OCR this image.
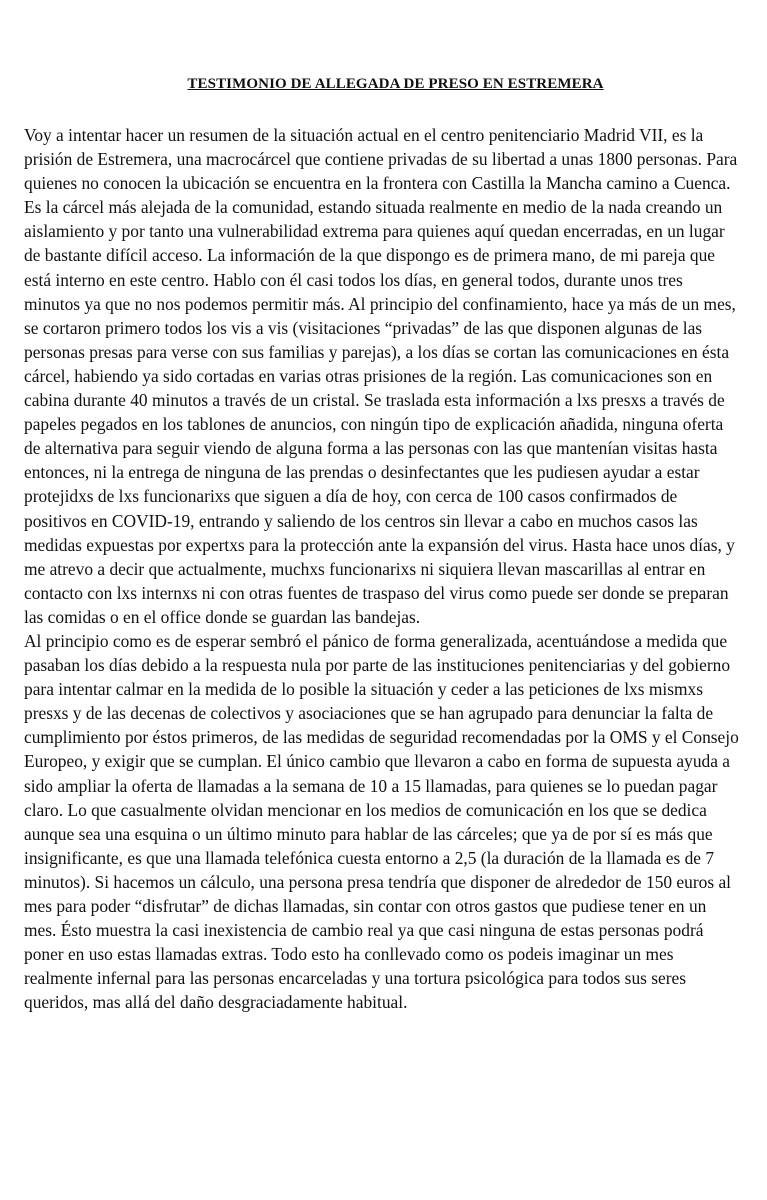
TESTIMONIO DE ALLEGADA DE PRESO EN ESTREMERA

Voy a intentar hacer un resumen de la situación actual en el centro penitenciario Madrid VII, es la prisión de Estremera, una macrocárcel que contiene privadas de su libertad a unas 1800 personas. Para quienes no conocen la ubicación se encuentra en la frontera con Castilla la Mancha camino a Cuenca. Es la cárcel más alejada de la comunidad, estando situada realmente en medio de la nada creando un aislamiento y por tanto una vulnerabilidad extrema para quienes aquí quedan encerradas, en un lugar de bastante difícil acceso. La información de la que dispongo es de primera mano, de mi pareja que está interno en este centro. Hablo con él casi todos los días, en general todos, durante unos tres minutos ya que no nos podemos permitir más. Al principio del confinamiento, hace ya más de un mes, se cortaron primero todos los vis a vis (visitaciones “privadas” de las que disponen algunas de las personas presas para verse con sus familias y parejas), a los días se cortan las comunicaciones en ésta cárcel, habiendo ya sido cortadas en varias otras prisiones de la región. Las comunicaciones son en cabina durante 40 minutos a través de un cristal. Se traslada esta información a lxs presxs a través de papeles pegados en los tablones de anuncios, con ningún tipo de explicación añadida, ninguna oferta de alternativa para seguir viendo de alguna forma a las personas con las que mantenían visitas hasta entonces, ni la entrega de ninguna de las prendas o desinfectantes que les pudiesen ayudar a estar protejidxs de lxs funcionarixs que siguen a día de hoy, con cerca de 100 casos confirmados de positivos en COVID-19, entrando y saliendo de los centros sin llevar a cabo en muchos casos las medidas expuestas por expertxs para la protección ante la expansión del virus. Hasta hace unos días, y me atrevo a decir que actualmente, muchxs funcionarixs ni siquiera llevan mascarillas al entrar en contacto con lxs internxs ni con otras fuentes de traspaso del virus como puede ser donde se preparan las comidas o en el office donde se guardan las bandejas.

Al principio como es de esperar sembró el pánico de forma generalizada, acentuándose a medida que pasaban los días debido a la respuesta nula por parte de las instituciones penitenciarias y del gobierno para intentar calmar en la medida de lo posible la situación y ceder a las peticiones de lxs mismxs presxs y de las decenas de colectivos y asociaciones que se han agrupado para denunciar la falta de cumplimiento por éstos primeros, de las medidas de seguridad recomendadas por la OMS y el Consejo Europeo, y exigir que se cumplan. El único cambio que llevaron a cabo en forma de supuesta ayuda a sido ampliar la oferta de llamadas a la semana de 10 a 15 llamadas, para quienes se lo puedan pagar claro. Lo que casualmente olvidan mencionar en los medios de comunicación en los que se dedica aunque sea una esquina o un último minuto para hablar de las cárceles; que ya de por sí es más que insignificante, es que una llamada telefónica cuesta entorno a 2,5 (la duración de la llamada es de 7 minutos). Si hacemos un cálculo, una persona presa tendría que disponer de alrededor de 150 euros al mes para poder “disfrutar” de dichas llamadas, sin contar con otros gastos que pudiese tener en un mes. Ésto muestra la casi inexistencia de cambio real ya que casi ninguna de estas personas podrá poner en uso estas llamadas extras. Todo esto ha conllevado como os podeis imaginar un mes realmente infernal para las personas encarceladas y una tortura psicológica para todos sus seres queridos, mas allá del daño desgraciadamente habitual.
